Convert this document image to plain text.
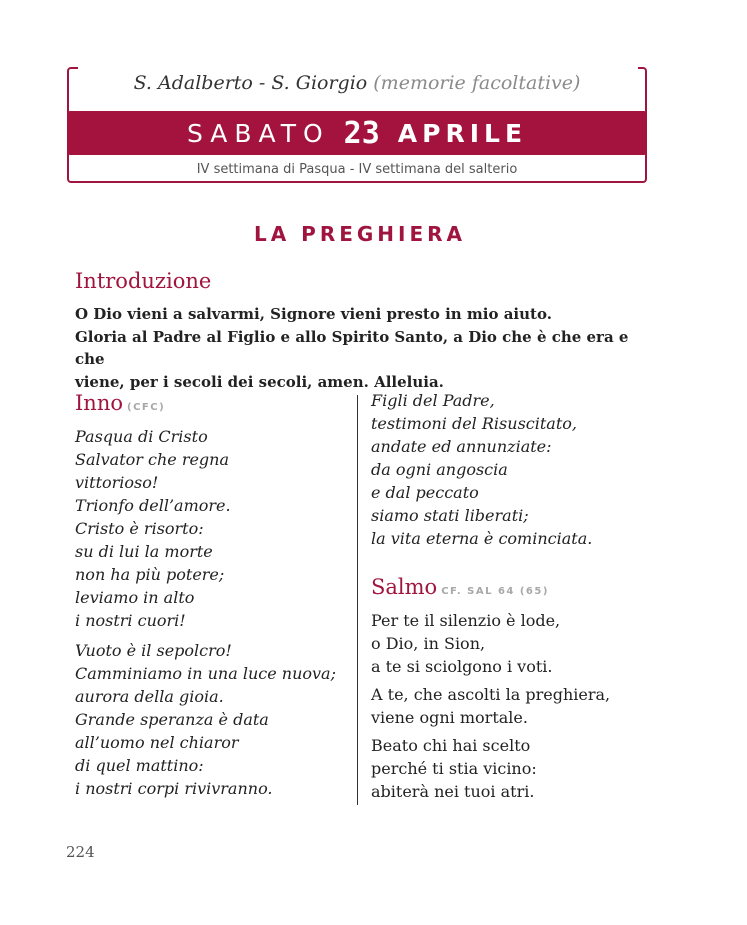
S. Adalberto - S. Giorgio (memorie facoltative)
SABATO 23 APRILE
IV settimana di Pasqua - IV settimana del salterio
LA PREGHIERA
Introduzione

O Dio vieni a salvarmi, Signore vieni presto in mio aiuto.

Gloria al Padre al Figlio e allo Spirito Santo, a Dio che è che era e che

viene, per i secoli dei secoli, amen. Alleluia.

Inno (CFC)
Pasqua di Cristo
Salvator che regna
vittorioso!
Trionfo dell’amore.
Cristo è risorto:
su di lui la morte
non ha più potere;
leviamo in alto
i nostri cuori!
Vuoto è il sepolcro!
Camminiamo in una luce nuova;
aurora della gioia.
Grande speranza è data
all’uomo nel chiaror
di quel mattino:
i nostri corpi rivivranno.
Figli del Padre,
testimoni del Risuscitato,
andate ed annunziate:
da ogni angoscia
e dal peccato
siamo stati liberati;
la vita eterna è cominciata.
Salmo CF. SAL 64 (65)
Per te il silenzio è lode,
o Dio, in Sion,
a te si sciolgono i voti.
A te, che ascolti la preghiera,
viene ogni mortale.
Beato chi hai scelto
perché ti stia vicino:
abiterà nei tuoi atri.
224
